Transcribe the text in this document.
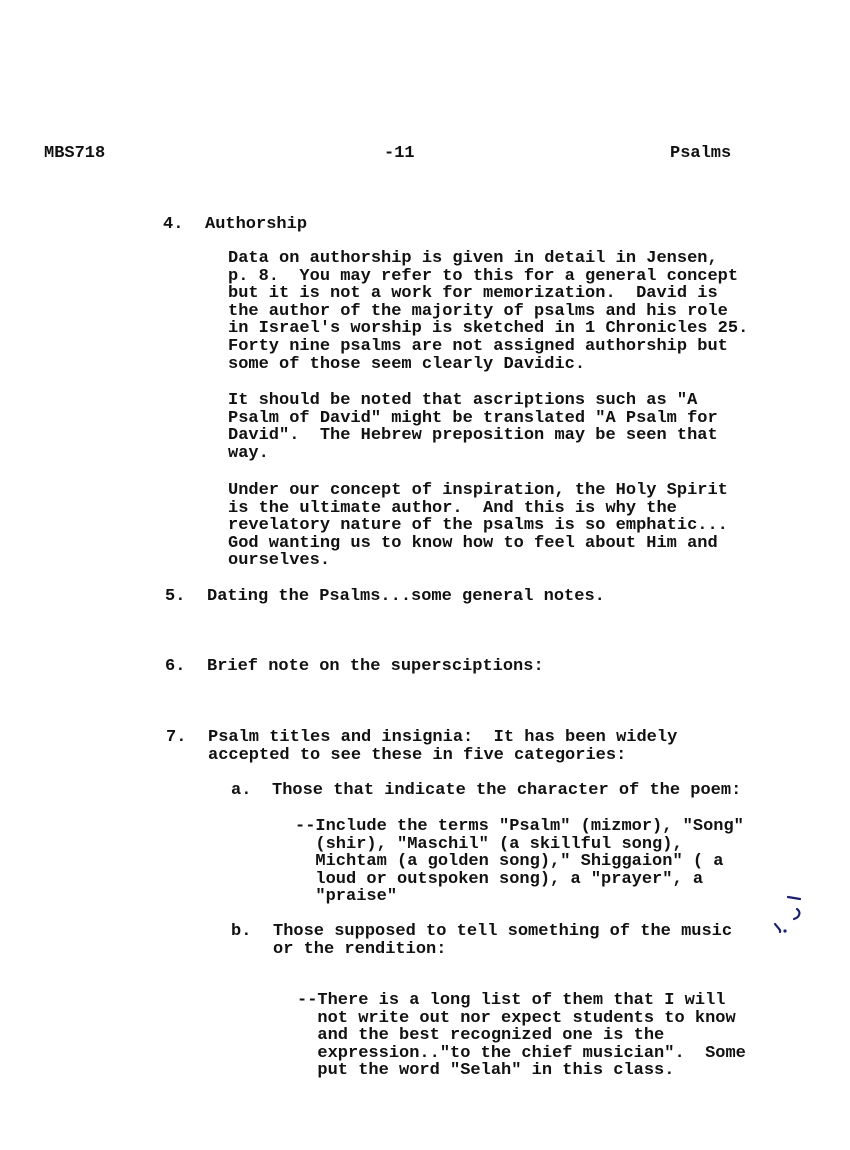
MBS718	-11	Psalms
4. Authorship
Data on authorship is given in detail in Jensen,
p. 8.  You may refer to this for a general concept
but it is not a work for memorization.  David is
the author of the majority of psalms and his role
in Israel's worship is sketched in 1 Chronicles 25.
Forty nine psalms are not assigned authorship but
some of those seem clearly Davidic.
It should be noted that ascriptions such as "A
Psalm of David" might be translated "A Psalm for
David".  The Hebrew preposition may be seen that
way.
Under our concept of inspiration, the Holy Spirit
is the ultimate author.  And this is why the
revelatory nature of the psalms is so emphatic...
God wanting us to know how to feel about Him and
ourselves.
5. Dating the Psalms...some general notes.
6. Brief note on the supersciptions:
7. Psalm titles and insignia:  It has been widely
accepted to see these in five categories:
a. Those that indicate the character of the poem:
--Include the terms "Psalm" (mizmor), "Song"
(shir), "Maschil" (a skillful song),
Michtam (a golden song)," Shiggaion" ( a
loud or outspoken song), a "prayer", a
"praise"
b. Those supposed to tell something of the music
or the rendition:
--There is a long list of them that I will
not write out nor expect students to know
and the best recognized one is the
expression.."to the chief musician".  Some
put the word "Selah" in this class.
